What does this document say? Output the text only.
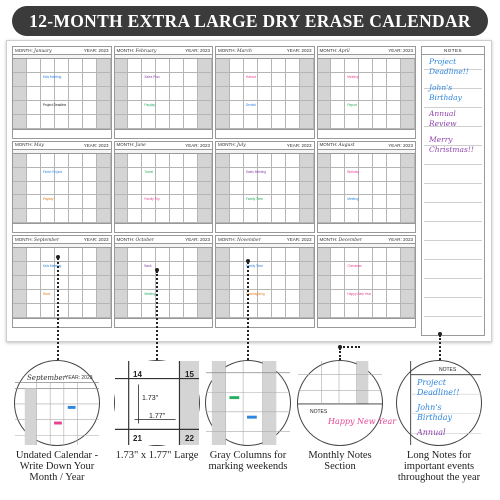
12-MONTH EXTRA LARGE DRY ERASE CALENDAR
MONTH: January	YEAR: 2023
Kids Meeting
Project Deadline
MONTH: February	YEAR: 2023
Sales Plan
Payday
MONTH: March	YEAR: 2023
Haircut
Dentist
MONTH: April	YEAR: 2023
Meeting
Report
MONTH: May	YEAR: 2023
Finish Project
Payday
MONTH: June	YEAR: 2023
Travel
Family Trip
MONTH: July	YEAR: 2023
Sales Meeting
Family Time
MONTH: August	YEAR: 2023
Birthday
Meeting
MONTH: September	YEAR: 2023
Kids Meeting
Work
MONTH: October	YEAR: 2023
Bank
Meeting
MONTH: November	YEAR: 2023
Family Time
Thanksgiving
MONTH: December	YEAR: 2023
Christmas
Happy New Year
NOTES
Project
Deadline!!
John's
Birthday
Annual
Review
Merry
Christmas!!
September YEAR: 2023	14	15
21	22
1.73"
1.77"
NOTES
Happy New Year
NOTES
Project
Deadline!!
John's
Birthday
Annual
Undated Calendar -Write Down Your Month / Year
1.73" x 1.77" Large	Gray Columns for marking weekends
Monthly Notes Section
Long Notes for important events throughout the year
